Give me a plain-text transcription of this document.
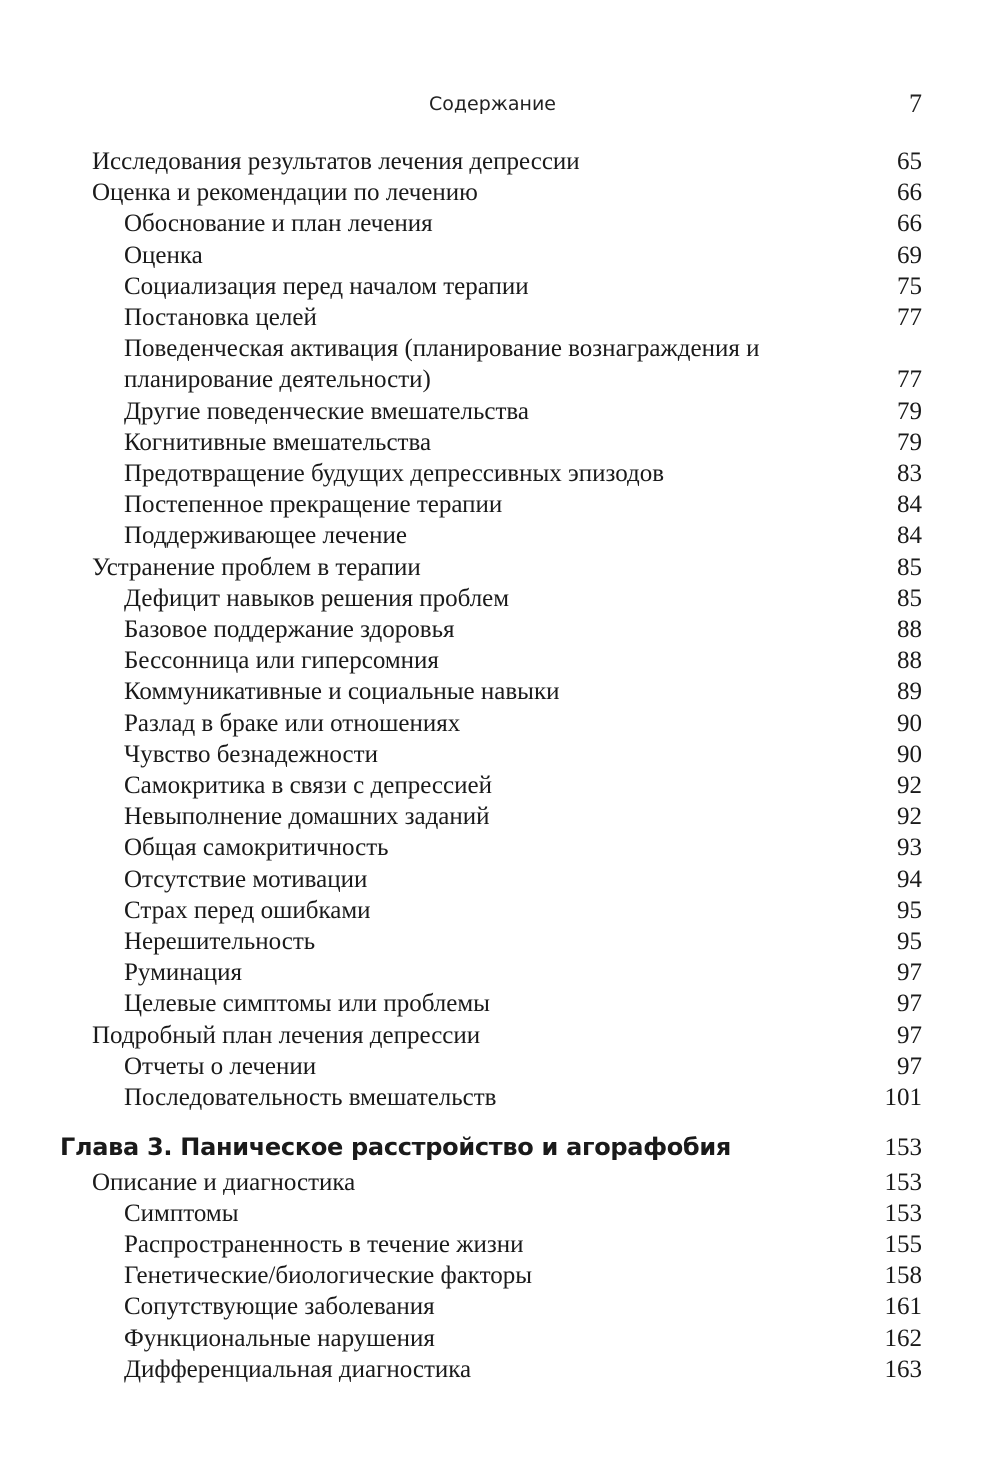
Содержание	7
Исследования результатов лечения депрессии	65
Оценка и рекомендации по лечению	66
Обоснование и план лечения	66
Оценка	69
Социализация перед началом терапии	75
Постановка целей	77
Поведенческая активация (планирование вознаграждения и планирование деятельности)	77
Другие поведенческие вмешательства	79
Когнитивные вмешательства	79
Предотвращение будущих депрессивных эпизодов	83
Постепенное прекращение терапии	84
Поддерживающее лечение	84
Устранение проблем в терапии	85
Дефицит навыков решения проблем	85
Базовое поддержание здоровья	88
Бессонница или гиперсомния	88
Коммуникативные и социальные навыки	89
Разлад в браке или отношениях	90
Чувство безнадежности	90
Самокритика в связи с депрессией	92
Невыполнение домашних заданий	92
Общая самокритичность	93
Отсутствие мотивации	94
Страх перед ошибками	95
Нерешительность	95
Руминация	97
Целевые симптомы или проблемы	97
Подробный план лечения депрессии	97
Отчеты о лечении	97
Последовательность вмешательств	101
Глава 3. Паническое расстройство и агорафобия	153
Описание и диагностика	153
Симптомы	153
Распространенность в течение жизни	155
Генетические/биологические факторы	158
Сопутствующие заболевания	161
Функциональные нарушения	162
Дифференциальная диагностика	163
